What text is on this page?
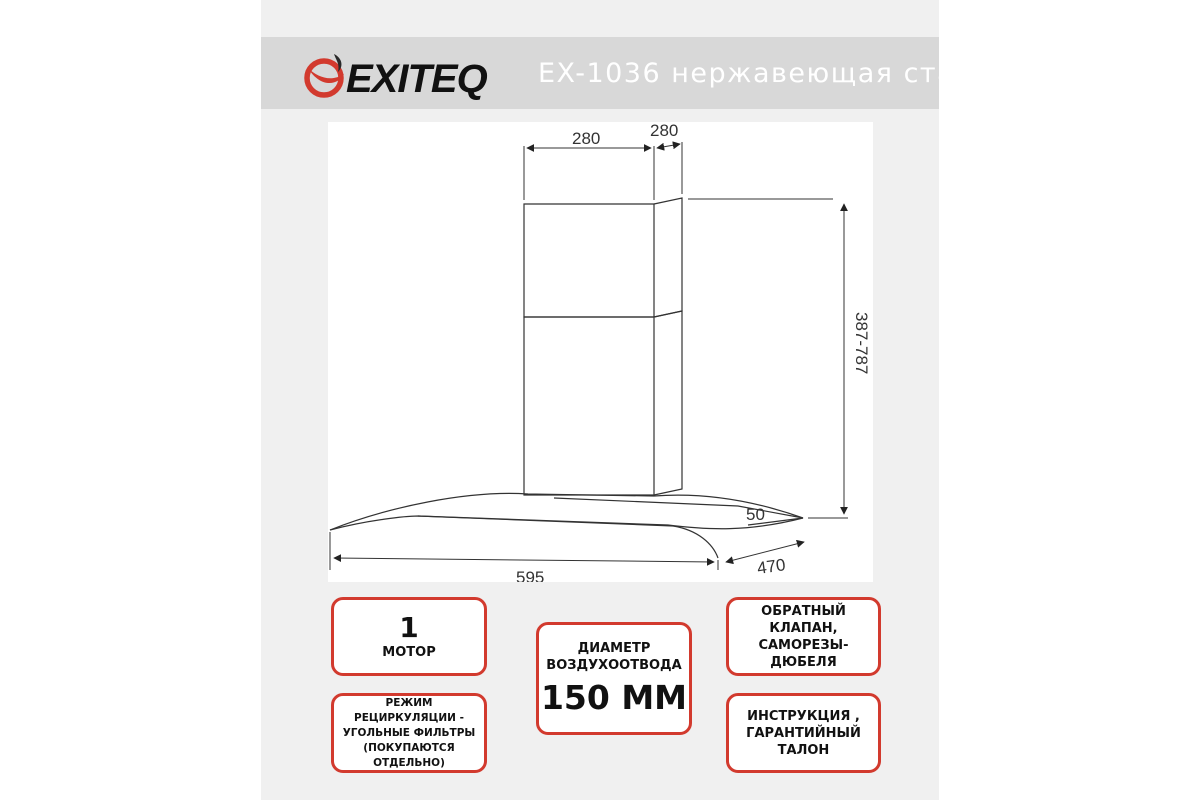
EXITEQ EX-1036 нержавеющая сталь
280	280
387-787
50
595	470
1
МОТОР
РЕЖИМ РЕЦИРКУЛЯЦИИ - УГОЛЬНЫЕ ФИЛЬТРЫ (ПОКУПАЮТСЯ ОТДЕЛЬНО)
ДИАМЕТР
ВОЗДУХООТВОДА
150 MM
ОБРАТНЫЙ КЛАПАН,
САМОРЕЗЫ-ДЮБЕЛЯ
ИНСТРУКЦИЯ ,
ГАРАНТИЙНЫЙ ТАЛОН
